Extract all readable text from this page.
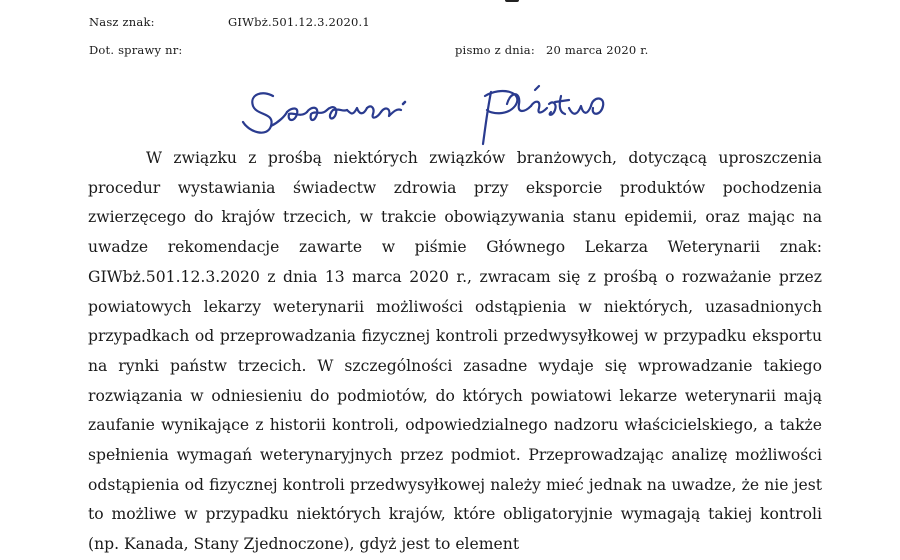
Nasz znak:	GIWbż.501.12.3.2020.1
Dot. sprawy nr:	pismo z dnia: 20 marca 2020 r.

W związku z prośbą niektórych związków branżowych, dotyczącą uproszczenia procedur wystawiania świadectw zdrowia przy eksporcie produktów pochodzenia zwierzęcego do krajów trzecich, w trakcie obowiązywania stanu epidemii, oraz mając na uwadze rekomendacje zawarte w piśmie Głównego Lekarza Weterynarii znak: GIWbż.501.12.3.2020 z dnia 13 marca 2020 r., zwracam się z prośbą o rozważanie przez powiatowych lekarzy weterynarii możliwości odstąpienia w niektórych, uzasadnionych przypadkach od przeprowadzania fizycznej kontroli przedwysyłkowej w przypadku eksportu na rynki państw trzecich. W szczególności zasadne wydaje się wprowadzanie takiego rozwiązania w odniesieniu do podmiotów, do których powiatowi lekarze weterynarii mają zaufanie wynikające z historii kontroli, odpowiedzialnego nadzoru właścicielskiego, a także spełnienia wymagań weterynaryjnych przez podmiot. Przeprowadzając analizę możliwości odstąpienia od fizycznej kontroli przedwysyłkowej należy mieć jednak na uwadze, że nie jest to możliwe w przypadku niektórych krajów, które obligatoryjnie wymagają takiej kontroli (np. Kanada, Stany Zjednoczone), gdyż jest to element
